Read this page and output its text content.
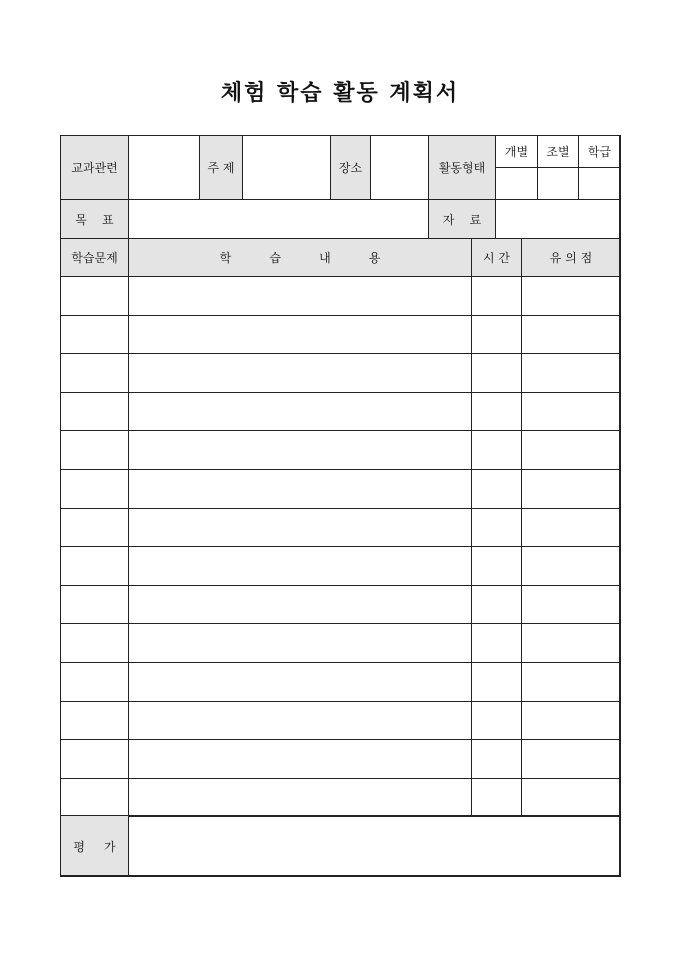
체험 학습 활동 계획서
교과관련		주 제		장소		활동형태	개별	조별	학급

목    표		자    료	
학습문제	학          습          내          용	시 간	유 의 점

평     가	
